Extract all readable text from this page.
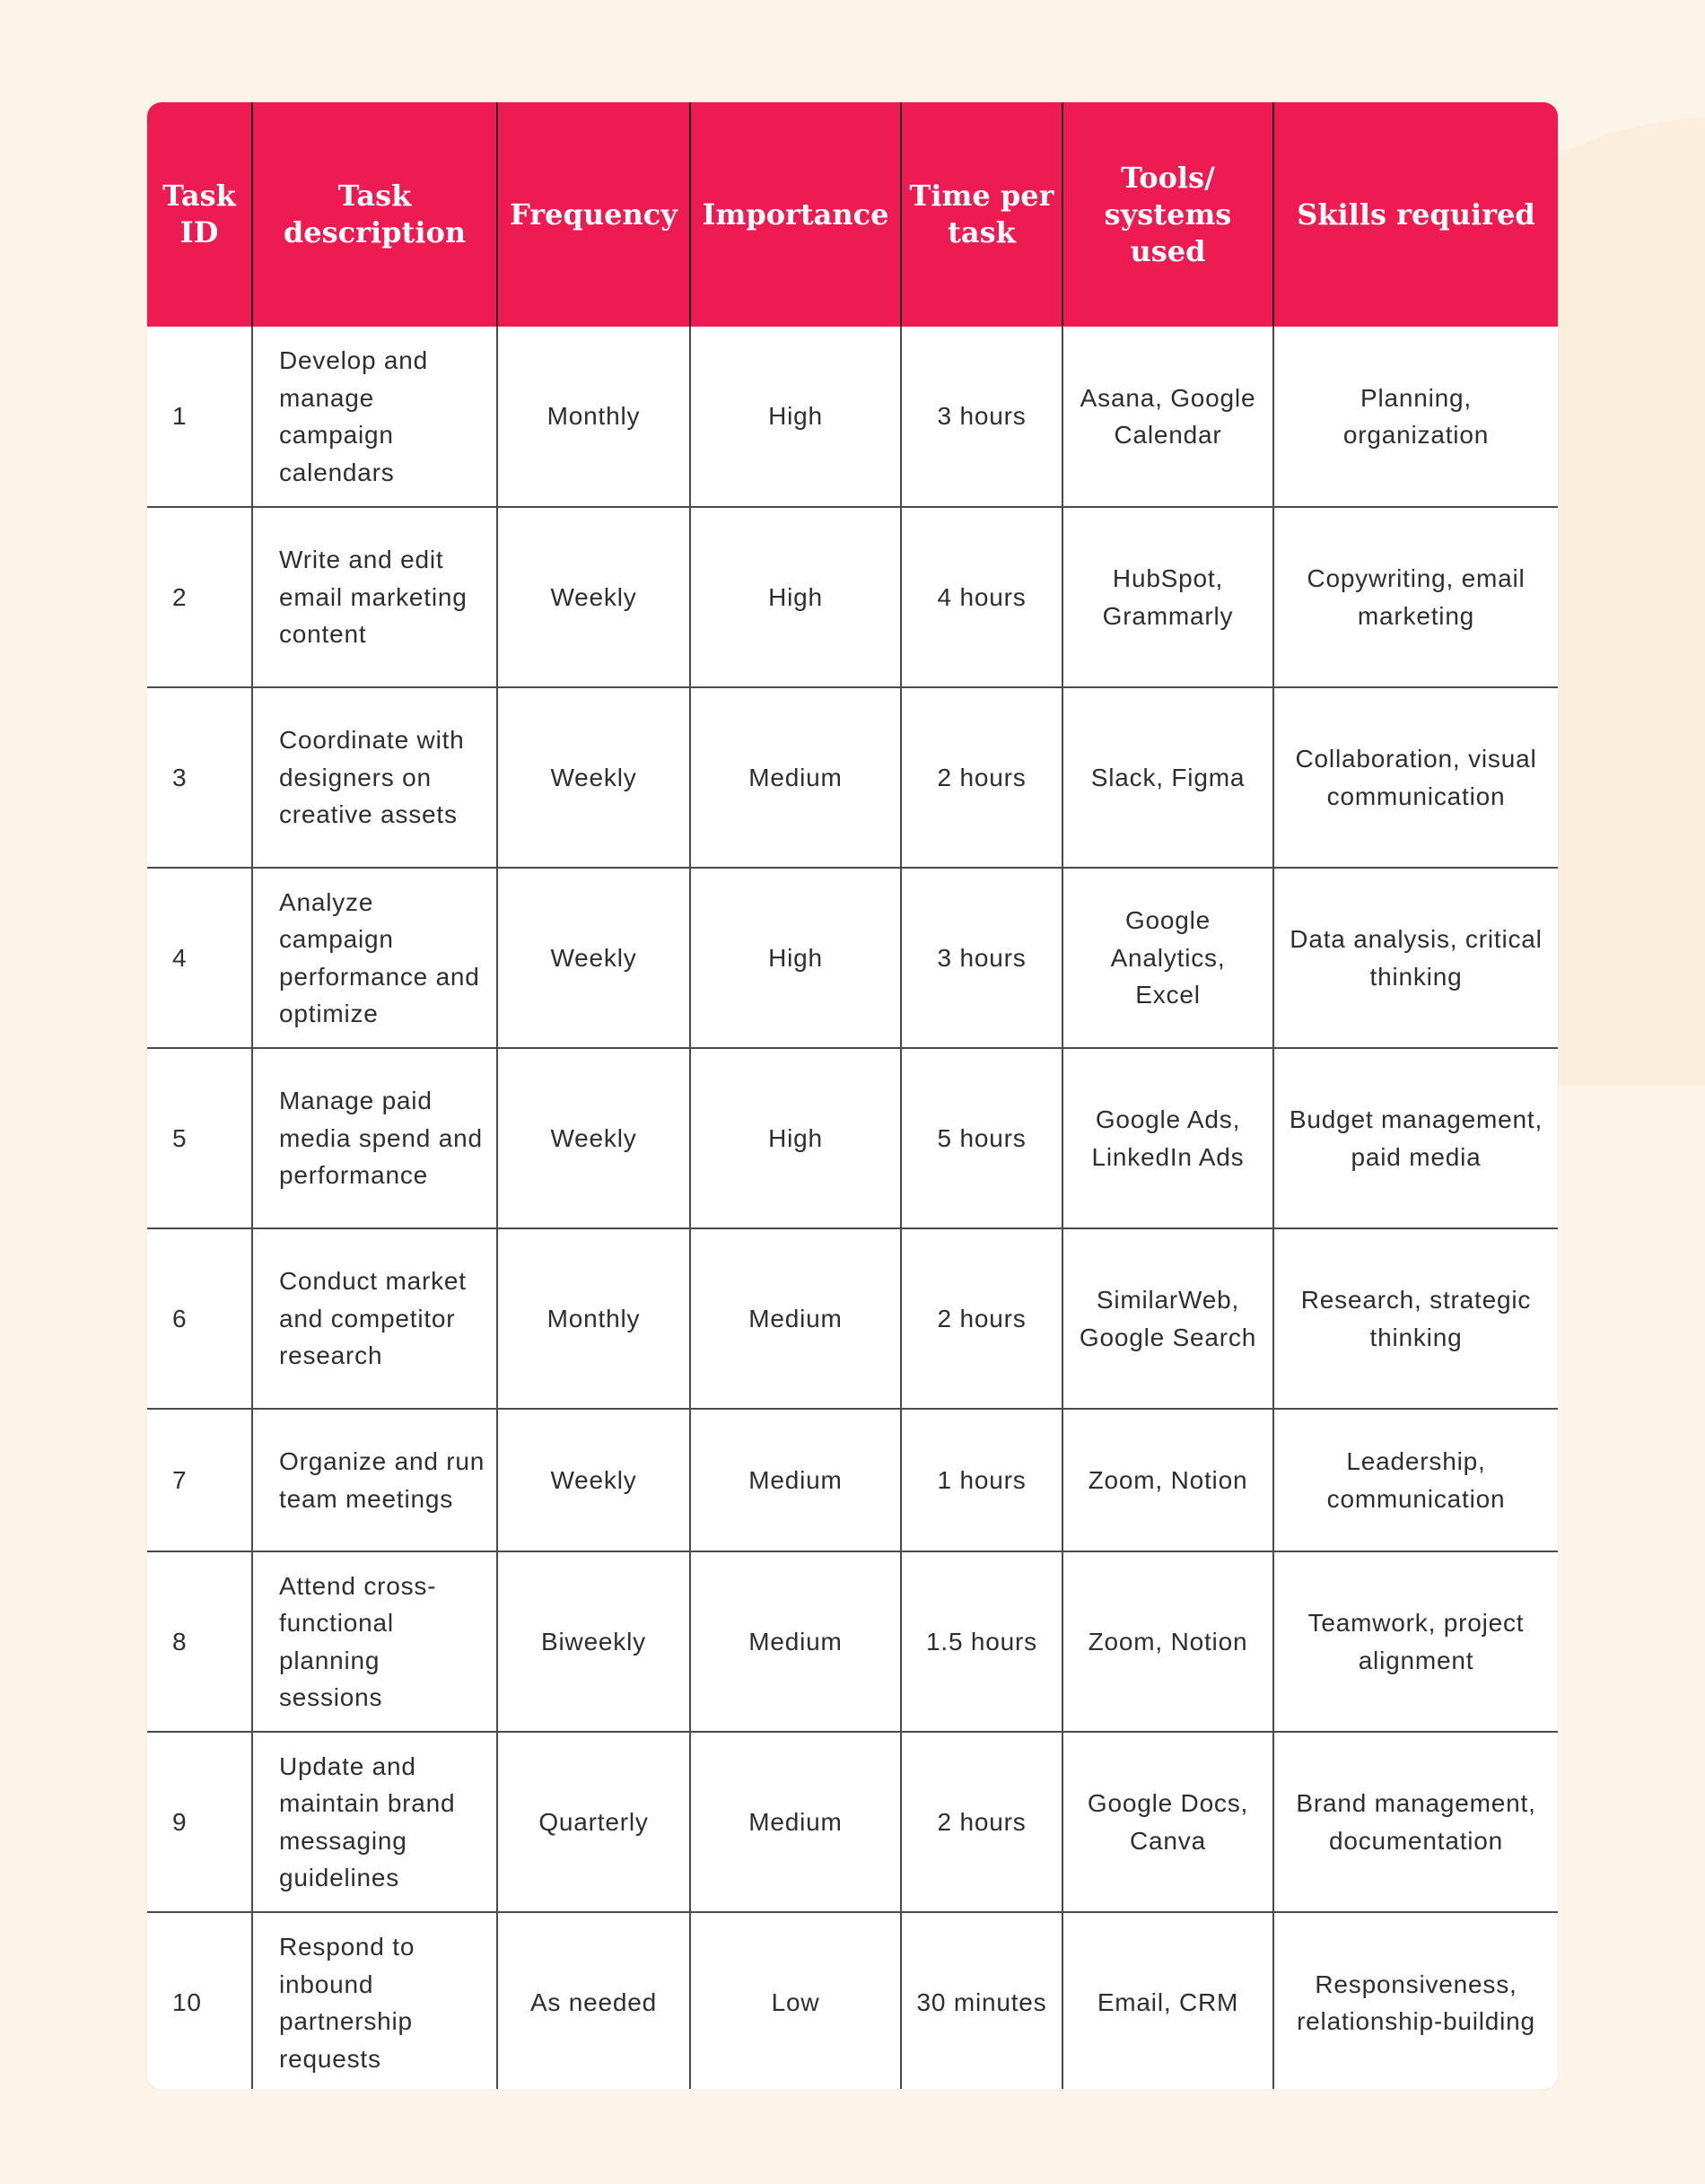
Task ID	Task description	Frequency	Importance	Time per task	Tools/ systems used	Skills required
1	Develop and manage campaign calendars	Monthly	High	3 hours	Asana, Google Calendar	Planning, organization
2	Write and edit email marketing content	Weekly	High	4 hours	HubSpot, Grammarly	Copywriting, email marketing
3	Coordinate with designers on creative assets	Weekly	Medium	2 hours	Slack, Figma	Collaboration, visual communication
4	Analyze campaign performance and optimize	Weekly	High	3 hours	Google Analytics, Excel	Data analysis, critical thinking
5	Manage paid media spend and performance	Weekly	High	5 hours	Google Ads, LinkedIn Ads	Budget management, paid media
6	Conduct market and competitor research	Monthly	Medium	2 hours	SimilarWeb, Google Search	Research, strategic thinking
7	Organize and run team meetings	Weekly	Medium	1 hours	Zoom, Notion	Leadership, communication
8	Attend cross-functional planning sessions	Biweekly	Medium	1.5 hours	Zoom, Notion	Teamwork, project alignment
9	Update and maintain brand messaging guidelines	Quarterly	Medium	2 hours	Google Docs, Canva	Brand management, documentation
10	Respond to inbound partnership requests	As needed	Low	30 minutes	Email, CRM	Responsiveness, relationship-building
